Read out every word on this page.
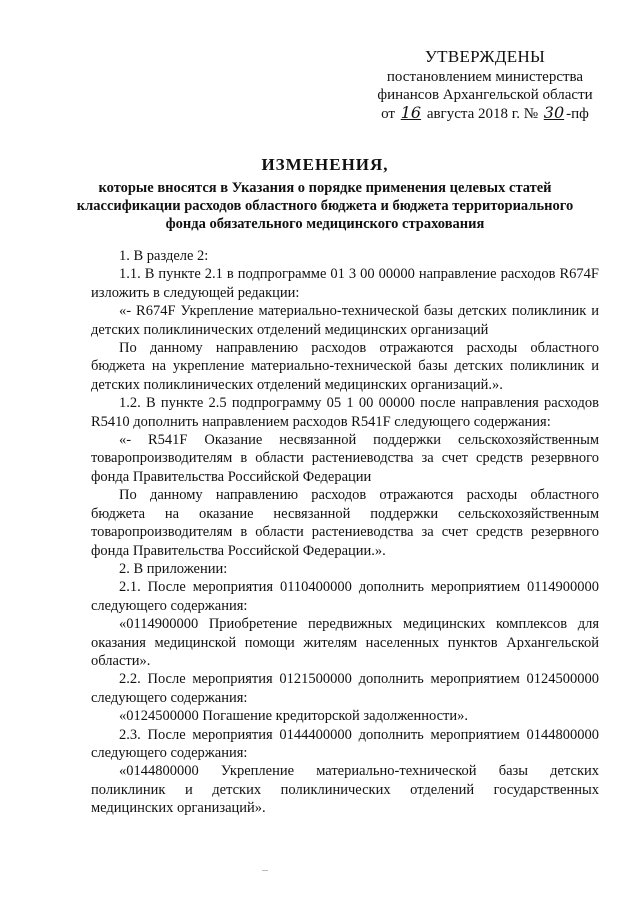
УТВЕРЖДЕНЫ
постановлением министерства
финансов Архангельской области
от 16 августа 2018 г. № 30 -пф
ИЗМЕНЕНИЯ,
которые вносятся в Указания о порядке применения целевых статей классификации расходов областного бюджета и бюджета территориального фонда обязательного медицинского страхования

1. В разделе 2:

1.1. В пункте 2.1 в подпрограмме 01 3 00 00000 направление расходов R674F изложить в следующей редакции:

«- R674F Укрепление материально-технической базы детских поликлиник и детских поликлинических отделений медицинских организаций

По данному направлению расходов отражаются расходы областного бюджета на укрепление материально-технической базы детских поликлиник и детских поликлинических отделений медицинских организаций.».

1.2. В пункте 2.5 подпрограмму 05 1 00 00000 после направления расходов R5410 дополнить направлением расходов R541F следующего содержания:

«- R541F Оказание несвязанной поддержки сельскохозяйственным товаропроизводителям в области растениеводства за счет средств резервного фонда Правительства Российской Федерации

По данному направлению расходов отражаются расходы областного бюджета на оказание несвязанной поддержки сельскохозяйственным товаропроизводителям в области растениеводства за счет средств резервного фонда Правительства Российской Федерации.».

2. В приложении:

2.1. После мероприятия 0110400000 дополнить мероприятием 0114900000 следующего содержания:

«0114900000 Приобретение передвижных медицинских комплексов для оказания медицинской помощи жителям населенных пунктов Архангельской области».

2.2. После мероприятия 0121500000 дополнить мероприятием 0124500000 следующего содержания:

«0124500000 Погашение кредиторской задолженности».

2.3. После мероприятия 0144400000 дополнить мероприятием 0144800000 следующего содержания:

«0144800000 Укрепление материально-технической базы детских поликлиник и детских поликлинических отделений государственных медицинских организаций».
